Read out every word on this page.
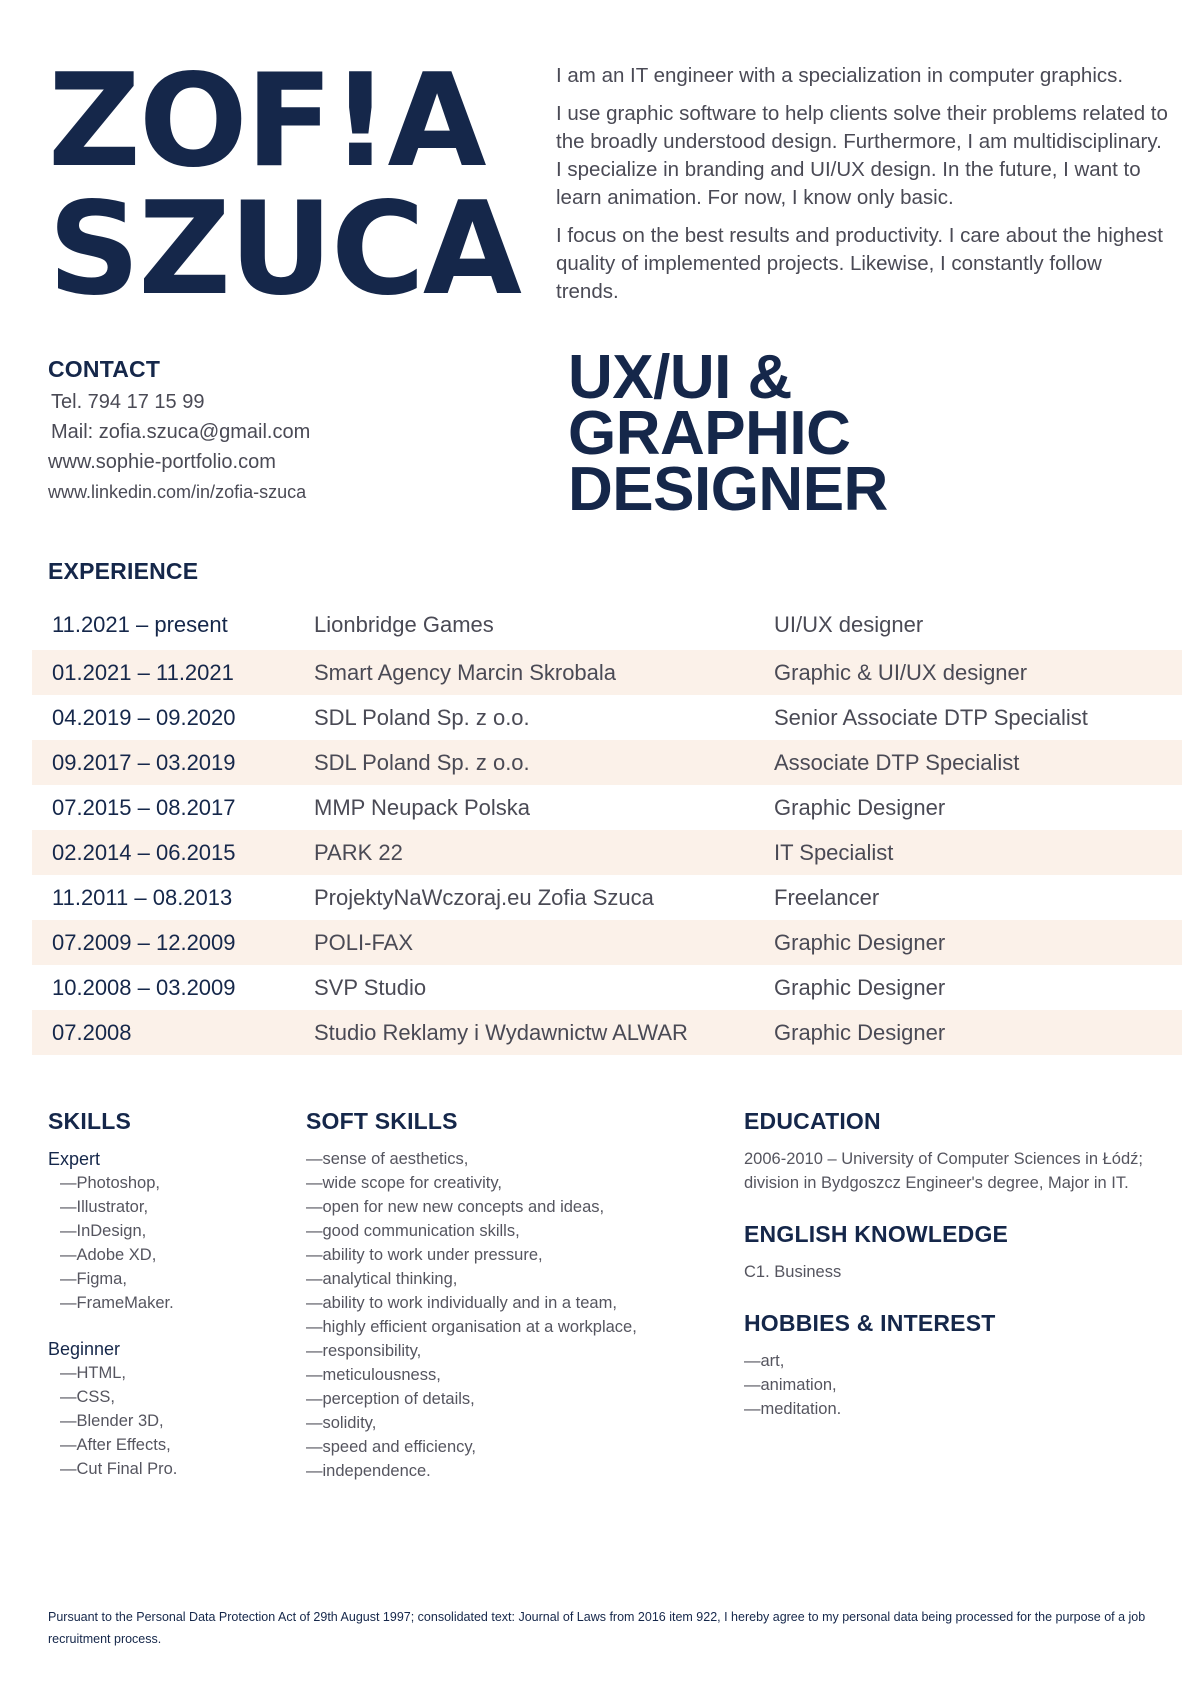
ZOF!A
SZUCA

I am an IT engineer with a specialization in computer graphics.

I use graphic software to help clients solve their problems related to the broadly understood design. Furthermore, I am multidisciplinary. I specialize in branding and UI/UX design. In the future, I want to learn animation. For now, I know only basic.

I focus on the best results and productivity. I care about the highest quality of implemented projects. Likewise, I constantly follow trends.

CONTACT
Tel. 794 17 15 99
Mail: zofia.szuca@gmail.com
www.sophie-portfolio.com
www.linkedin.com/in/zofia-szuca
UX/UI &
GRAPHIC
DESIGNER
EXPERIENCE
11.2021 – present	Lionbridge Games	UI/UX designer
01.2021 – 11.2021	Smart Agency Marcin Skrobala	Graphic & UI/UX designer
04.2019 – 09.2020	SDL Poland Sp. z o.o.	Senior Associate DTP Specialist
09.2017 – 03.2019	SDL Poland Sp. z o.o.	Associate DTP Specialist
07.2015 – 08.2017	MMP Neupack Polska	Graphic Designer
02.2014 – 06.2015	PARK 22	IT Specialist
11.2011 – 08.2013	ProjektyNaWczoraj.eu Zofia Szuca	Freelancer
07.2009 – 12.2009	POLI-FAX	Graphic Designer
10.2008 – 03.2009	SVP Studio	Graphic Designer
07.2008	Studio Reklamy i Wydawnictw ALWAR	Graphic Designer
SKILLS
Expert
—Photoshop,
—Illustrator,
—InDesign,
—Adobe XD,
—Figma,
—FrameMaker.
Beginner
—HTML,
—CSS,
—Blender 3D,
—After Effects,
—Cut Final Pro.
SOFT SKILLS
—sense of aesthetics,
—wide scope for creativity,
—open for new new concepts and ideas,
—good communication skills,
—ability to work under pressure,
—analytical thinking,
—ability to work individually and in a team,
—highly efficient organisation at a workplace,
—responsibility,
—meticulousness,
—perception of details,
—solidity,
—speed and efficiency,
—independence.
EDUCATION

2006-2010 – University of Computer Sciences in Łódź; division in Bydgoszcz Engineer's degree, Major in IT.

ENGLISH KNOWLEDGE

C1. Business

HOBBIES & INTEREST
—art,
—animation,
—meditation.
Pursuant to the Personal Data Protection Act of 29th August 1997; consolidated text: Journal of Laws from 2016 item 922, I hereby agree to my personal data being processed for the purpose of a job recruitment process.
